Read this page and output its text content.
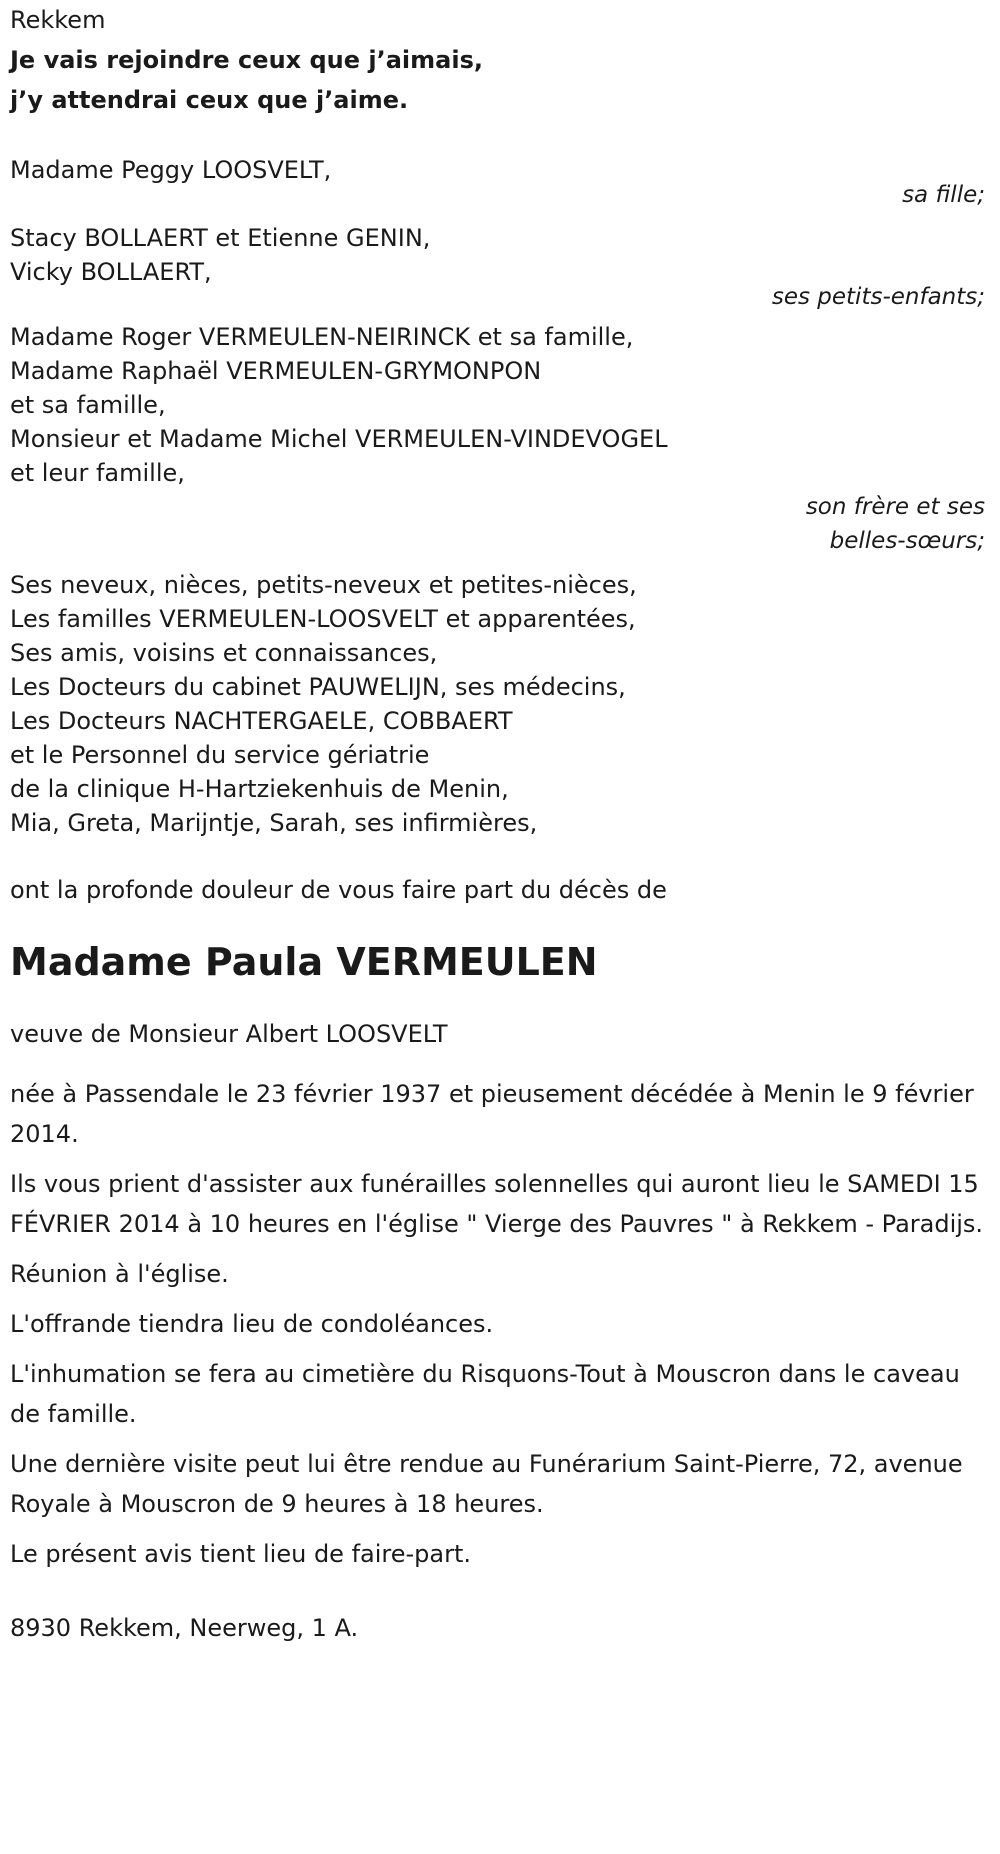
Rekkem
Je vais rejoindre ceux que j’aimais,
j’y attendrai ceux que j’aime.
Madame Peggy LOOSVELT,
sa fille;
Stacy BOLLAERT et Etienne GENIN,
Vicky BOLLAERT,
ses petits-enfants;
Madame Roger VERMEULEN-NEIRINCK et sa famille,
Madame Raphaël VERMEULEN-GRYMONPON
et sa famille,
Monsieur et Madame Michel VERMEULEN-VINDEVOGEL
et leur famille,
son frère et ses
belles-sœurs;
Ses neveux, nièces, petits-neveux et petites-nièces,
Les familles VERMEULEN-LOOSVELT et apparentées,
Ses amis, voisins et connaissances,
Les Docteurs du cabinet PAUWELIJN, ses médecins,
Les Docteurs NACHTERGAELE, COBBAERT
et le Personnel du service gériatrie
de la clinique H-Hartziekenhuis de Menin,
Mia, Greta, Marijntje, Sarah, ses infirmières,
ont la profonde douleur de vous faire part du décès de
Madame Paula VERMEULEN
veuve de Monsieur Albert LOOSVELT
née à Passendale le 23 février 1937 et pieusement décédée à Menin le 9 février 2014.
Ils vous prient d'assister aux funérailles solennelles qui auront lieu le SAMEDI 15 FÉVRIER 2014 à 10 heures en l'église " Vierge des Pauvres " à Rekkem - Paradijs.
Réunion à l'église.
L'offrande tiendra lieu de condoléances.
L'inhumation se fera au cimetière du Risquons-Tout à Mouscron dans le caveau de famille.
Une dernière visite peut lui être rendue au Funérarium Saint-Pierre, 72, avenue Royale à Mouscron de 9 heures à 18 heures.
Le présent avis tient lieu de faire-part.
8930 Rekkem, Neerweg, 1 A.
